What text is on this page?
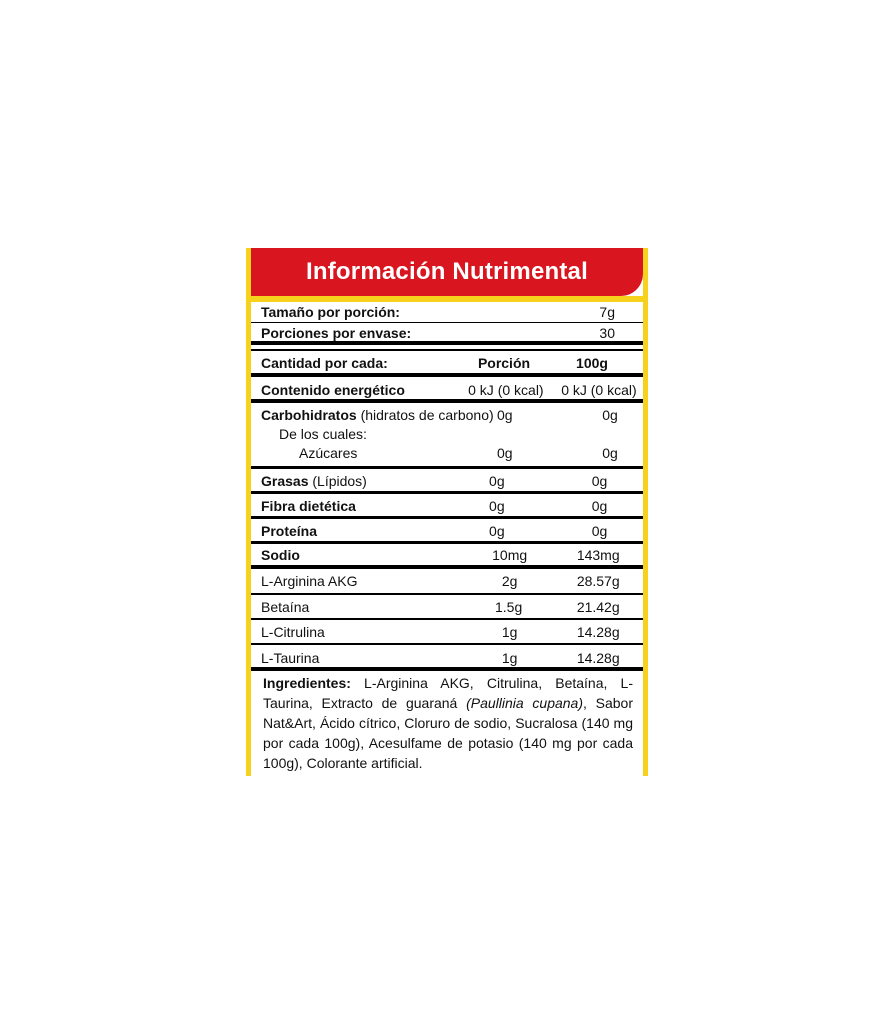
Información Nutrimental
Tamaño por porción:	7g
Porciones por envase:	30
Cantidad por cada:	Porción	100g
Contenido energético	0 kJ (0 kcal)	0 kJ (0 kcal)
Carbohidratos (hidratos de carbono) 0g	0g
De los cuales:
Azúcares	0g	0g
Grasas (Lípidos)	0g	0g
Fibra dietética	0g	0g
Proteína	0g	0g
Sodio	10mg	143mg
L-Arginina AKG	2g	28.57g
Betaína	1.5g	21.42g
L-Citrulina	1g	14.28g
L-Taurina	1g	14.28g
Ingredientes: L-Arginina AKG, Citrulina, Betaína, L-Taurina, Extracto de guaraná (Paullinia cupana), Sabor Nat&Art, Ácido cítrico, Cloruro de sodio, Sucralosa (140 mg por cada 100g), Acesulfame de potasio (140 mg por cada 100g), Colorante artificial.
